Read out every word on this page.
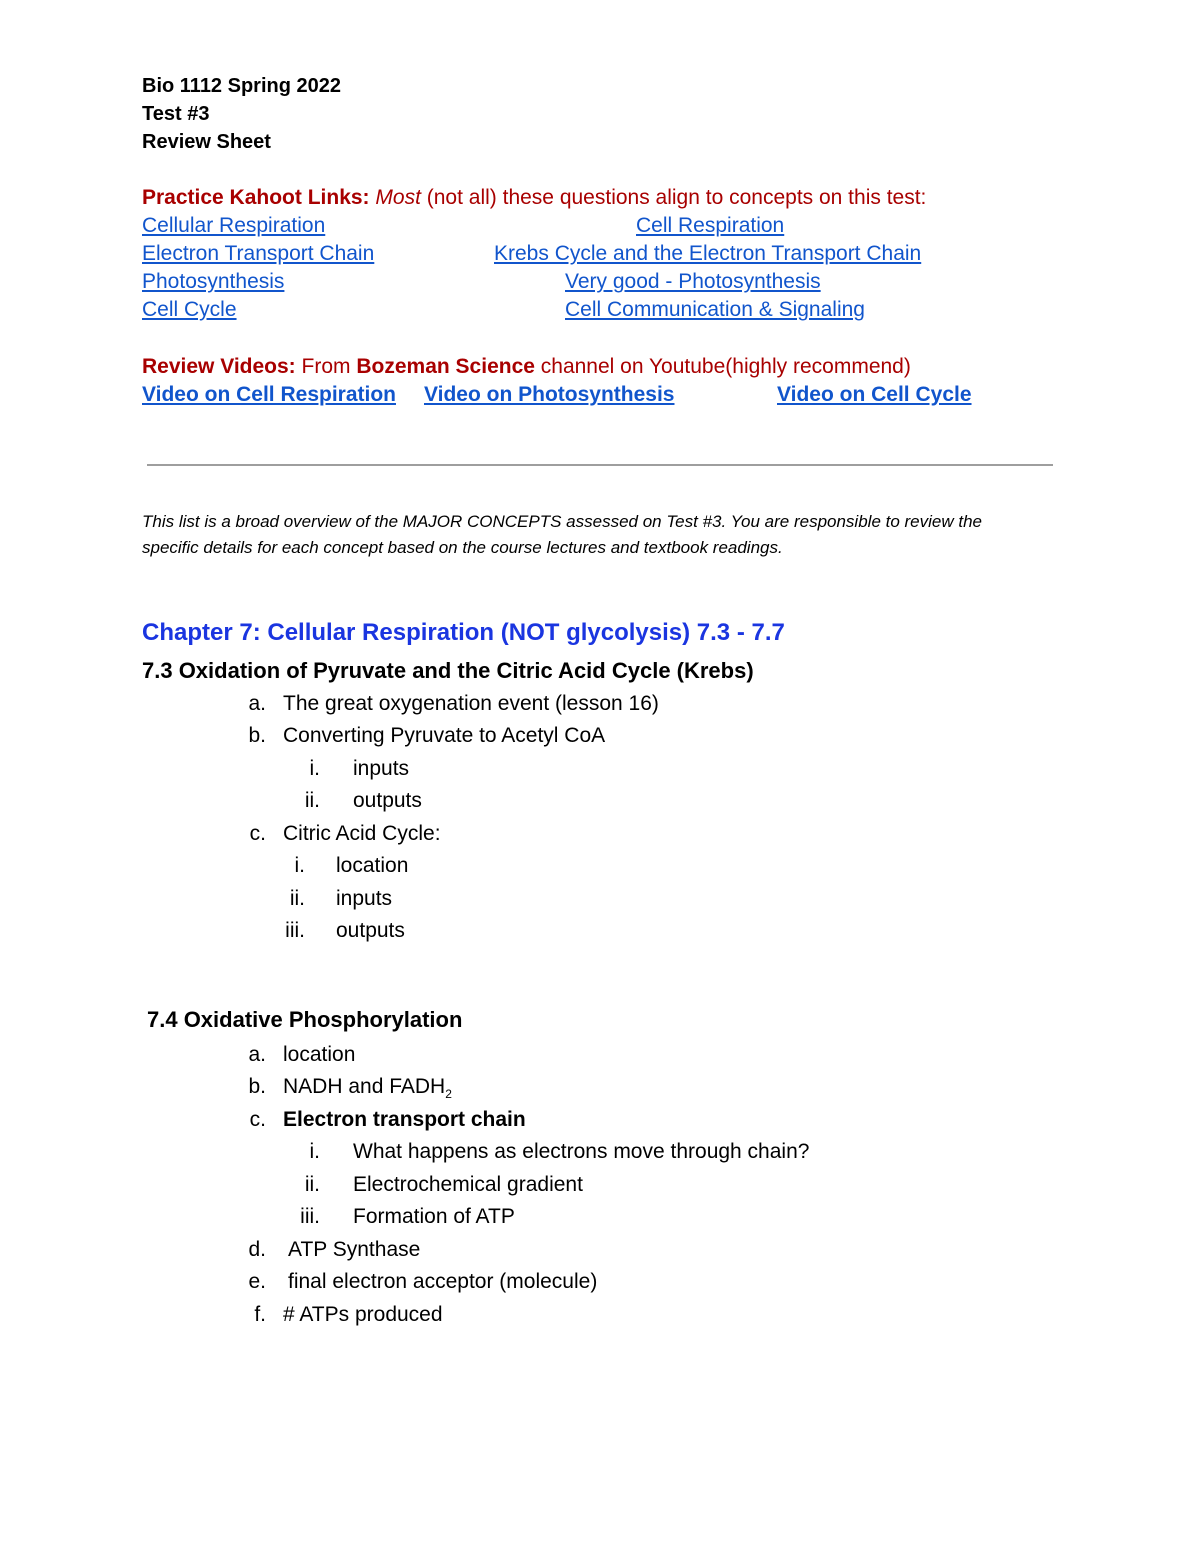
Bio 1112 Spring 2022
Test #3
Review Sheet
Practice Kahoot Links: Most (not all) these questions align to concepts on this test:
Cellular Respiration
Electron Transport Chain
Photosynthesis
Cell Cycle
Cell Respiration
Krebs Cycle and the Electron Transport Chain
Very good - Photosynthesis
Cell Communication & Signaling
Review Videos: From Bozeman Science channel on Youtube(highly recommend)
Video on Cell Respiration Video on Photosynthesis	Video on Cell Cycle
This list is a broad overview of the MAJOR CONCEPTS assessed on Test #3. You are responsible to review the
specific details for each concept based on the course lectures and textbook readings.
Chapter 7: Cellular Respiration (NOT glycolysis) 7.3 - 7.7
7.3 Oxidation of Pyruvate and the Citric Acid Cycle (Krebs)
a. The great oxygenation event (lesson 16)
b. Converting Pyruvate to Acetyl CoA
i. inputs
ii. outputs
c. Citric Acid Cycle:
i. location
ii. inputs
iii. outputs
7.4 Oxidative Phosphorylation
a. location
b. NADH and $FADH_2$
c. Electron transport chain
i. What happens as electrons move through chain?
ii. Electrochemical gradient
iii. Formation of ATP
d. ATP Synthase
e. final electron acceptor (molecule)
f. # ATPs produced
